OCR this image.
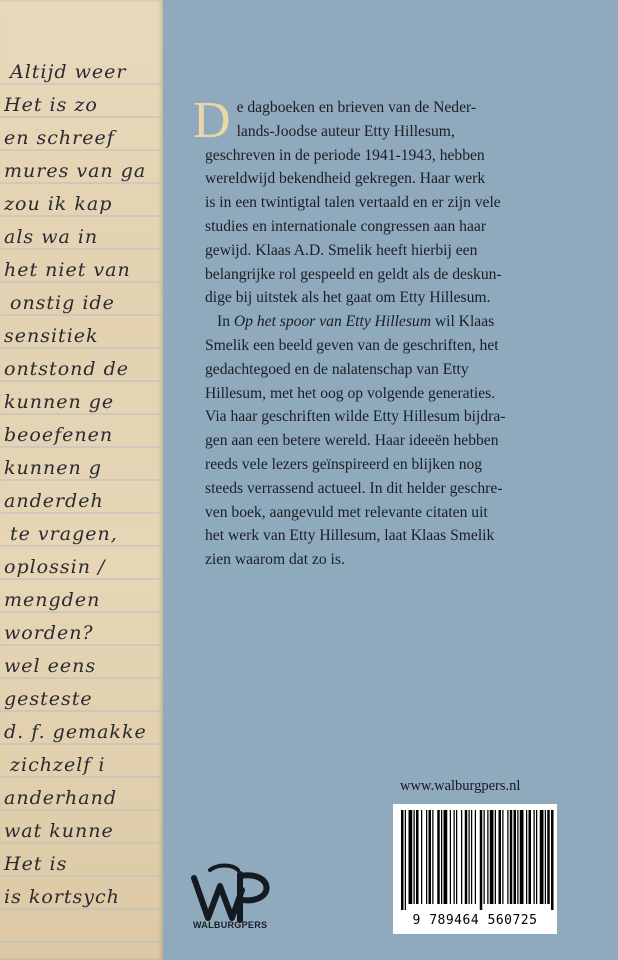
Altijd weer
Het is zo
en schreef
mures van ga
zou ik kap
als wa in
het niet van
onstig ide
sensitiek
ontstond de
kunnen ge
beoefenen
kunnen g
anderdeh
te vragen,
oplossin /
mengden
worden?
wel eens
gesteste
d. f. gemakke
zichzelf i
anderhand
wat kunne
Het is
is kortsych
D e dagboeken en brieven van de Neder-
lands-Joodse auteur Etty Hillesum,
geschreven in de periode 1941-1943, hebben
wereldwijd bekendheid gekregen. Haar werk
is in een twintigtal talen vertaald en er zijn vele
studies en internationale congressen aan haar
gewijd. Klaas A.D. Smelik heeft hierbij een
belangrijke rol gespeeld en geldt als de deskun-
dige bij uitstek als het gaat om Etty Hillesum.
In Op het spoor van Etty Hillesum wil Klaas
Smelik een beeld geven van de geschriften, het
gedachtegoed en de nalatenschap van Etty
Hillesum, met het oog op volgende generaties.
Via haar geschriften wilde Etty Hillesum bijdra-
gen aan een betere wereld. Haar ideeën hebben
reeds vele lezers geïnspireerd en blijken nog
steeds verrassend actueel. In dit helder geschre-
ven boek, aangevuld met relevante citaten uit
het werk van Etty Hillesum, laat Klaas Smelik
zien waarom dat zo is.
www.walburgpers.nl
9 789464 560725
WALBURGPERS
